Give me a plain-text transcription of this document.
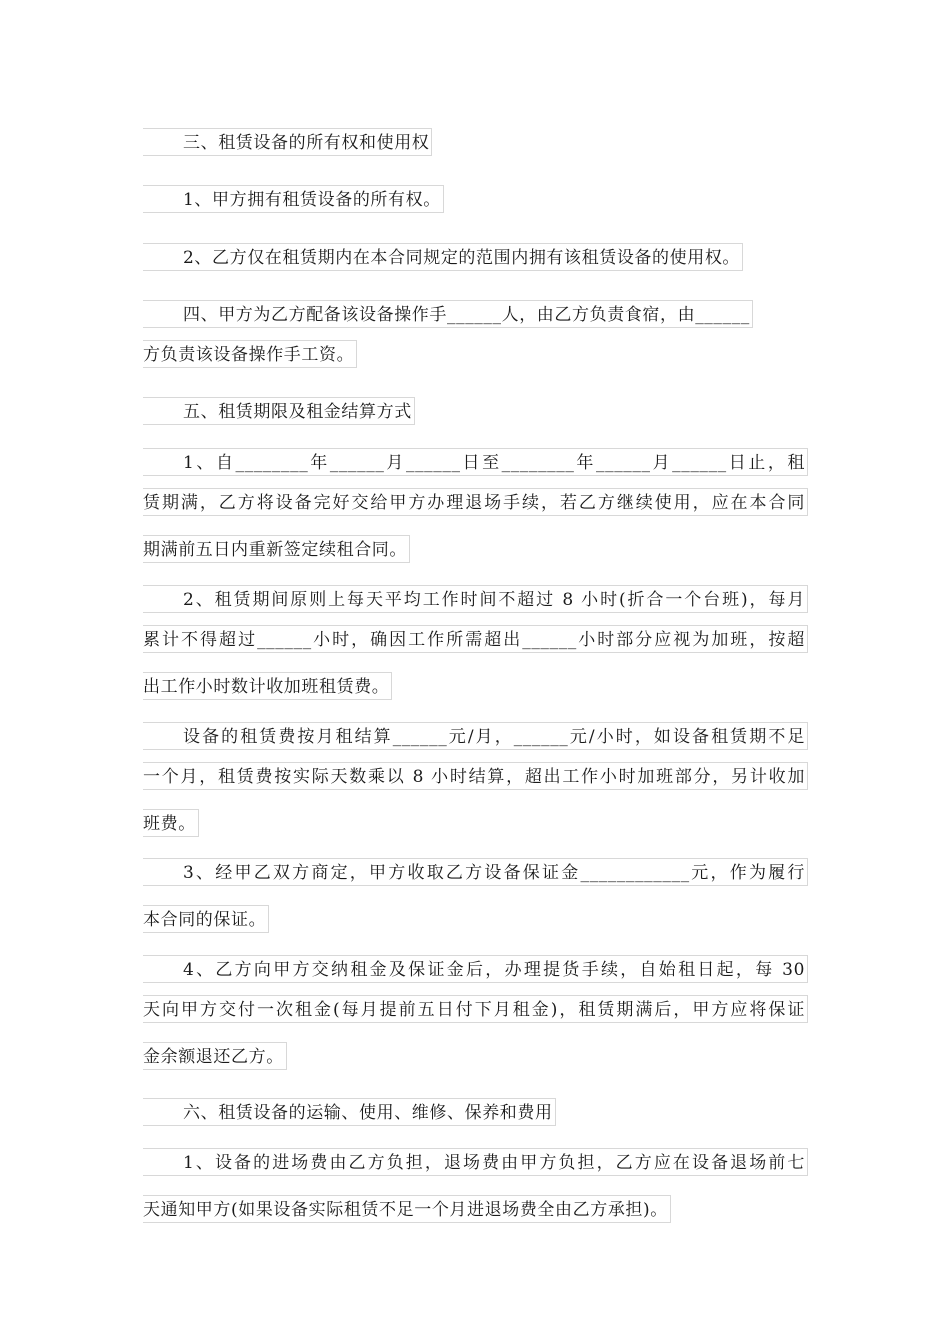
三、租赁设备的所有权和使用权
1、甲方拥有租赁设备的所有权。
2、乙方仅在租赁期内在本合同规定的范围内拥有该租赁设备的使用权。
四、甲方为乙方配备该设备操作手______人，由乙方负责食宿，由______
方负责该设备操作手工资。
五、租赁期限及租金结算方式
1、自________年______月______日至________年______月______日止，租
赁期满，乙方将设备完好交给甲方办理退场手续，若乙方继续使用，应在本合同
期满前五日内重新签定续租合同。
2、租赁期间原则上每天平均工作时间不超过 8 小时(折合一个台班)，每月
累计不得超过______小时，确因工作所需超出______小时部分应视为加班，按超
出工作小时数计收加班租赁费。
设备的租赁费按月租结算______元/月，______元/小时，如设备租赁期不足
一个月，租赁费按实际天数乘以 8 小时结算，超出工作小时加班部分，另计收加
班费。
3、经甲乙双方商定，甲方收取乙方设备保证金____________元，作为履行
本合同的保证。
4、乙方向甲方交纳租金及保证金后，办理提货手续，自始租日起，每 30
天向甲方交付一次租金(每月提前五日付下月租金)，租赁期满后，甲方应将保证
金余额退还乙方。
六、租赁设备的运输、使用、维修、保养和费用
1、设备的进场费由乙方负担，退场费由甲方负担，乙方应在设备退场前七
天通知甲方(如果设备实际租赁不足一个月进退场费全由乙方承担)。
